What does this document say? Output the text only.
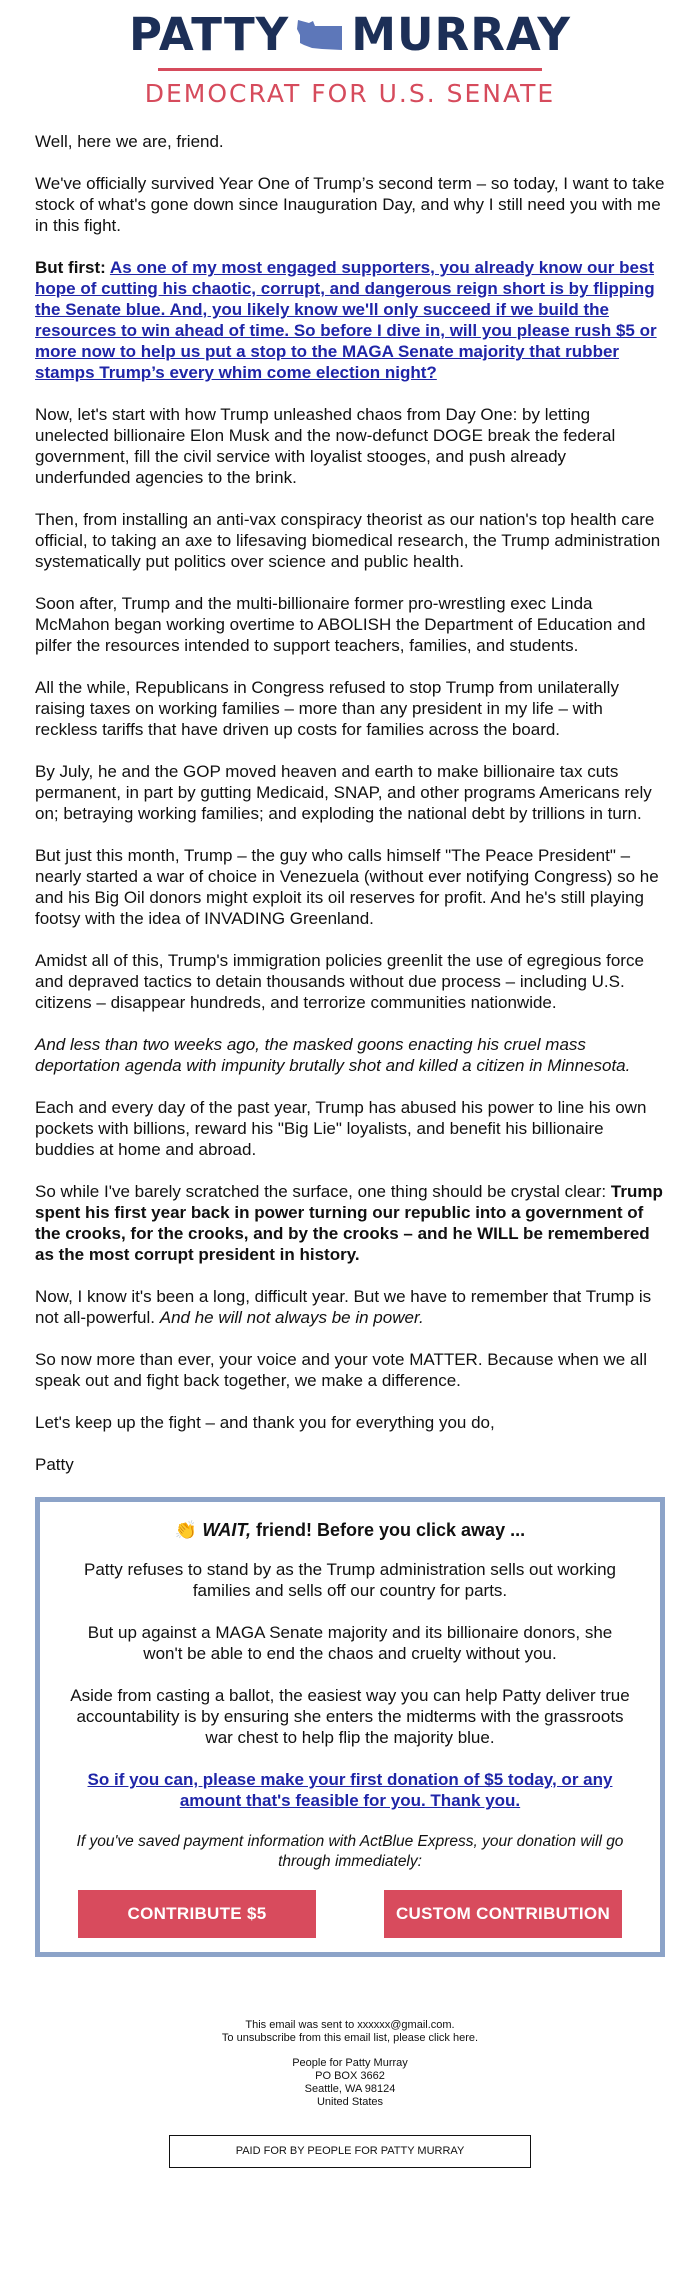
PATTY MURRAY
DEMOCRAT FOR U.S. SENATE

Well, here we are, friend.

We've officially survived Year One of Trump’s second term – so today, I want to take stock of what's gone down since Inauguration Day, and why I still need you with me in this fight.

But first: As one of my most engaged supporters, you already know our best hope of cutting his chaotic, corrupt, and dangerous reign short is by flipping the Senate blue. And, you likely know we'll only succeed if we build the resources to win ahead of time. So before I dive in, will you please rush $5 or more now to help us put a stop to the MAGA Senate majority that rubber stamps Trump’s every whim come election night?

Now, let's start with how Trump unleashed chaos from Day One: by letting unelected billionaire Elon Musk and the now-defunct DOGE break the federal government, fill the civil service with loyalist stooges, and push already underfunded agencies to the brink.

Then, from installing an anti-vax conspiracy theorist as our nation's top health care official, to taking an axe to lifesaving biomedical research, the Trump administration systematically put politics over science and public health.

Soon after, Trump and the multi-billionaire former pro-wrestling exec Linda McMahon began working overtime to ABOLISH the Department of Education and pilfer the resources intended to support teachers, families, and students.

All the while, Republicans in Congress refused to stop Trump from unilaterally raising taxes on working families – more than any president in my life – with reckless tariffs that have driven up costs for families across the board.

By July, he and the GOP moved heaven and earth to make billionaire tax cuts permanent, in part by gutting Medicaid, SNAP, and other programs Americans rely on; betraying working families; and exploding the national debt by trillions in turn.

But just this month, Trump – the guy who calls himself "The Peace President" – nearly started a war of choice in Venezuela (without ever notifying Congress) so he and his Big Oil donors might exploit its oil reserves for profit. And he's still playing footsy with the idea of INVADING Greenland.

Amidst all of this, Trump's immigration policies greenlit the use of egregious force and depraved tactics to detain thousands without due process – including U.S. citizens – disappear hundreds, and terrorize communities nationwide.

And less than two weeks ago, the masked goons enacting his cruel mass deportation agenda with impunity brutally shot and killed a citizen in Minnesota.

Each and every day of the past year, Trump has abused his power to line his own pockets with billions, reward his "Big Lie" loyalists, and benefit his billionaire buddies at home and abroad.

So while I've barely scratched the surface, one thing should be crystal clear: Trump spent his first year back in power turning our republic into a government of the crooks, for the crooks, and by the crooks – and he WILL be remembered as the most corrupt president in history.

Now, I know it's been a long, difficult year. But we have to remember that Trump is not all-powerful. And he will not always be in power.

So now more than ever, your voice and your vote MATTER. Because when we all speak out and fight back together, we make a difference.

Let's keep up the fight – and thank you for everything you do,

Patty

👏 WAIT, friend! Before you click away ...

Patty refuses to stand by as the Trump administration sells out working families and sells off our country for parts.

But up against a MAGA Senate majority and its billionaire donors, she won't be able to end the chaos and cruelty without you.

Aside from casting a ballot, the easiest way you can help Patty deliver true accountability is by ensuring she enters the midterms with the grassroots war chest to help flip the majority blue.

So if you can, please make your first donation of $5 today, or any amount that's feasible for you. Thank you.

If you've saved payment information with ActBlue Express, your donation will go through immediately:

CONTRIBUTE $5	CUSTOM CONTRIBUTION

This email was sent to xxxxxx@gmail.com.

To unsubscribe from this email list, please click here.

People for Patty Murray

PO BOX 3662

Seattle, WA 98124

United States

PAID FOR BY PEOPLE FOR PATTY MURRAY
